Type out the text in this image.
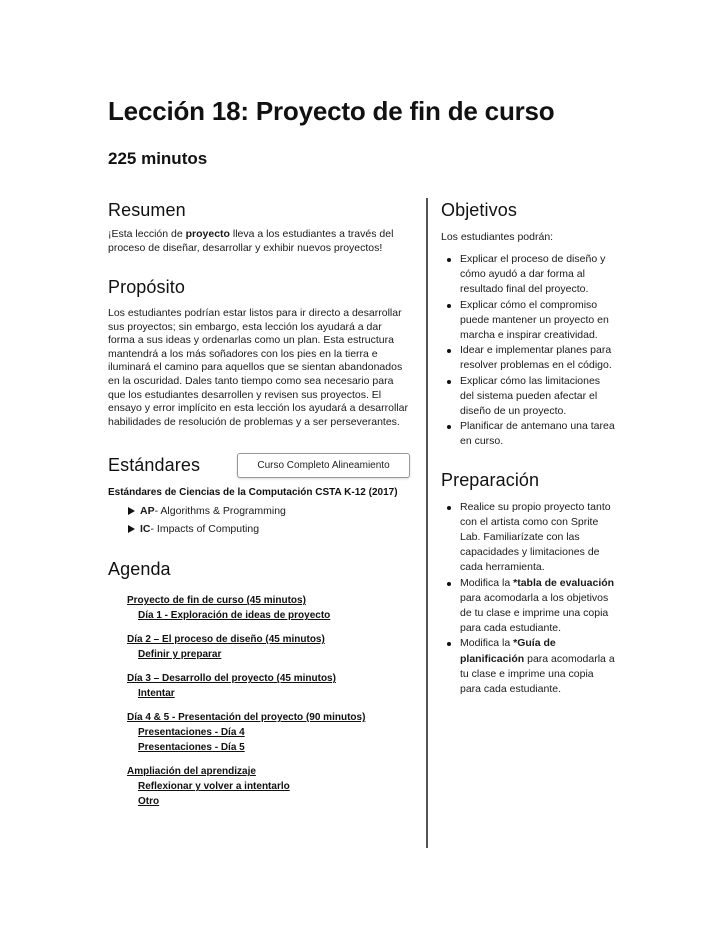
Lección 18: Proyecto de fin de curso
225 minutos
Resumen

¡Esta lección de proyecto lleva a los estudiantes a través del proceso de diseñar, desarrollar y exhibir nuevos proyectos!

Propósito

Los estudiantes podrían estar listos para ir directo a desarrollar sus proyectos; sin embargo, esta lección los ayudará a dar forma a sus ideas y ordenarlas como un plan. Esta estructura mantendrá a los más soñadores con los pies en la tierra e iluminará el camino para aquellos que se sientan abandonados en la oscuridad. Dales tanto tiempo como sea necesario para que los estudiantes desarrollen y revisen sus proyectos. El ensayo y error implícito en esta lección los ayudará a desarrollar habilidades de resolución de problemas y a ser perseverantes.

Estándares	Curso Completo Alineamiento
Estándares de Ciencias de la Computación CSTA K-12 (2017)
AP - Algorithms & Programming
IC - Impacts of Computing
Agenda
Proyecto de fin de curso (45 minutos)
Día 1 - Exploración de ideas de proyecto
Día 2 – El proceso de diseño (45 minutos)
Definir y preparar
Día 3 – Desarrollo del proyecto (45 minutos)
Intentar
Día 4 & 5 - Presentación del proyecto (90 minutos)
Presentaciones - Día 4
Presentaciones - Día 5
Ampliación del aprendizaje
Reflexionar y volver a intentarlo
Otro
Objetivos

Los estudiantes podrán:

Explicar el proceso de diseño y cómo ayudó a dar forma al resultado final del proyecto.
Explicar cómo el compromiso puede mantener un proyecto en marcha e inspirar creatividad.
Idear e implementar planes para resolver problemas en el código.
Explicar cómo las limitaciones del sistema pueden afectar el diseño de un proyecto.
Planificar de antemano una tarea en curso.
Preparación
Realice su propio proyecto tanto con el artista como con Sprite Lab. Familiarízate con las capacidades y limitaciones de cada herramienta.
Modifica la *tabla de evaluación para acomodarla a los objetivos de tu clase e imprime una copia para cada estudiante.
Modifica la *Guía de planificación para acomodarla a tu clase e imprime una copia para cada estudiante.
